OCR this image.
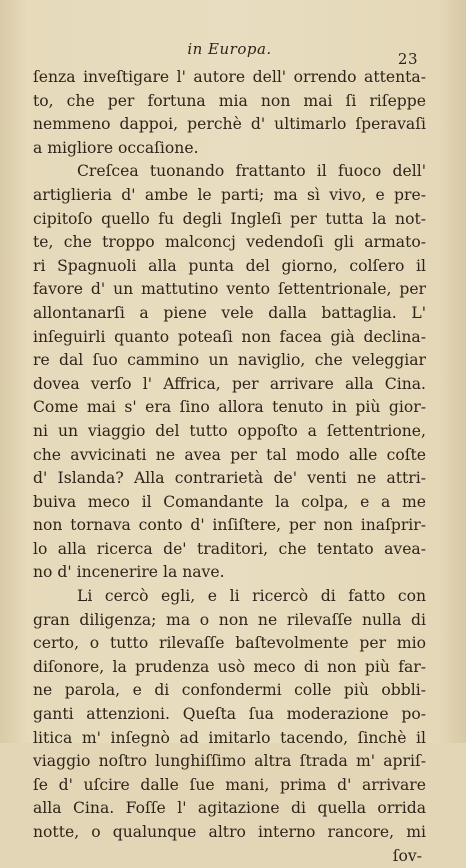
in Europa.
23
ſenza inveſtigare l' autore dell' orrendo attenta-
to, che per fortuna mia non mai ſi riſeppe
nemmeno dappoi, perchè d' ultimarlo ſperavaſi
a migliore occaſione.
Creſcea tuonando frattanto il fuoco dell'
artiglieria d' ambe le parti; ma sì vivo, e pre-
cipitoſo quello fu degli Ingleſi per tutta la not-
te, che troppo malconcj vedendoſi gli armato-
ri Spagnuoli alla punta del giorno, colſero il
favore d' un mattutino vento ſettentrionale, per
allontanarſi a piene vele dalla battaglia. L'
inſeguirli quanto poteaſi non facea già declina-
re dal ſuo cammino un naviglio, che veleggiar
dovea verſo l' Affrica, per arrivare alla Cina.
Come mai s' era ſino allora tenuto in più gior-
ni un viaggio del tutto oppoſto a ſettentrione,
che avvicinati ne avea per tal modo alle coſte
d' Islanda? Alla contrarietà de' venti ne attri-
buiva meco il Comandante la colpa, e a me
non tornava conto d' inſiſtere, per non inaſprir-
lo alla ricerca de' traditori, che tentato avea-
no d' incenerire la nave.
Li cercò egli, e li ricercò di fatto con
gran diligenza; ma o non ne rilevaſſe nulla di
certo, o tutto rilevaſſe baſtevolmente per mio
diſonore, la prudenza usò meco di non più far-
ne parola, e di confondermi colle più obbli-
ganti attenzioni. Queſta ſua moderazione po-
litica m' inſegnò ad imitarlo tacendo, ſinchè il
viaggio noſtro lunghiſſimo altra ſtrada m' apriſ-
ſe d' uſcire dalle ſue mani, prima d' arrivare
alla Cina. Foſſe l' agitazione di quella orrida
notte, o qualunque altro interno rancore, mi
ſov-
